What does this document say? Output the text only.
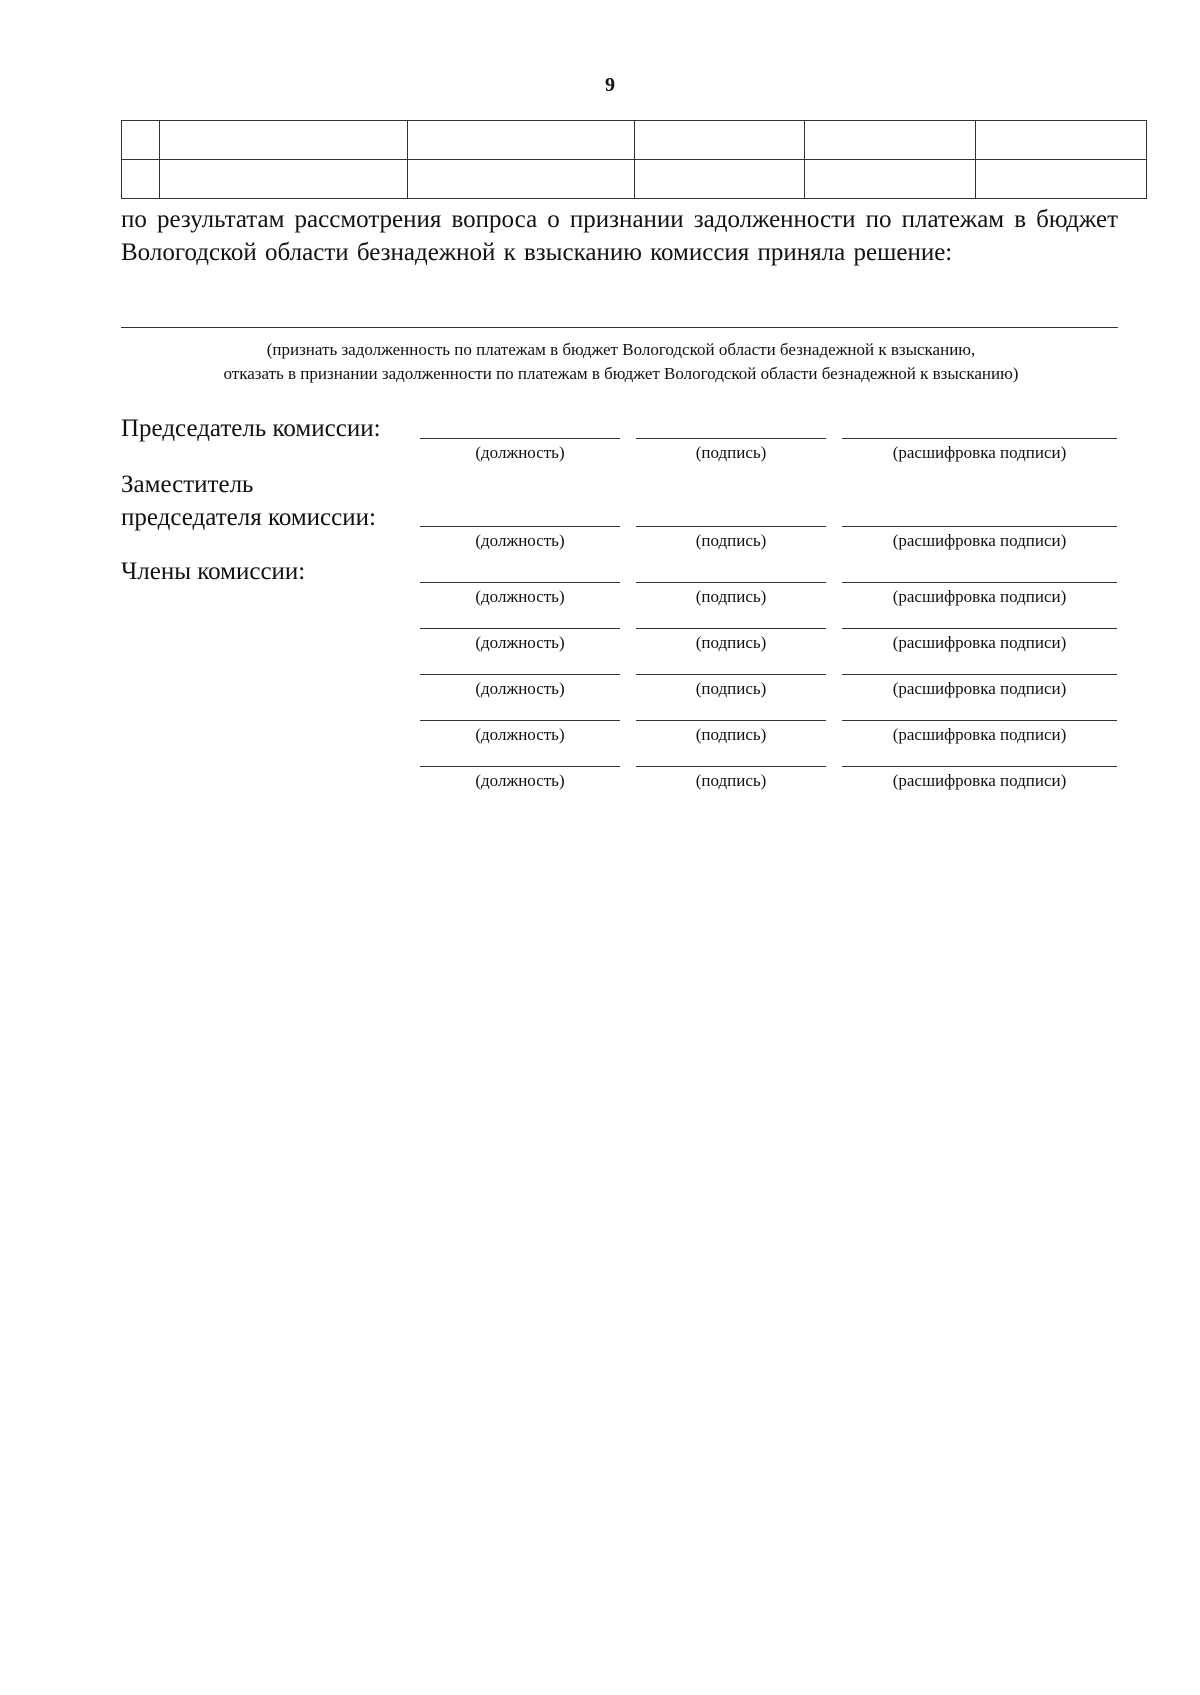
9

по результатам рассмотрения вопроса о признании задолженности по платежам в бюджет Вологодской области безнадежной к взысканию комиссия приняла решение:

(признать задолженность по платежам в бюджет Вологодской области безнадежной к взысканию,
отказать в признании задолженности по платежам в бюджет Вологодской области безнадежной к взысканию)

Председатель комиссии:

(должность)	(подпись)	(расшифровка подписи)

Заместитель
председателя комиссии:

(должность)	(подпись)	(расшифровка подписи)

Члены комиссии:

(должность)	(подпись)	(расшифровка подписи)
(должность)	(подпись)	(расшифровка подписи)
(должность)	(подпись)	(расшифровка подписи)
(должность)	(подпись)	(расшифровка подписи)
(должность)	(подпись)	(расшифровка подписи)
